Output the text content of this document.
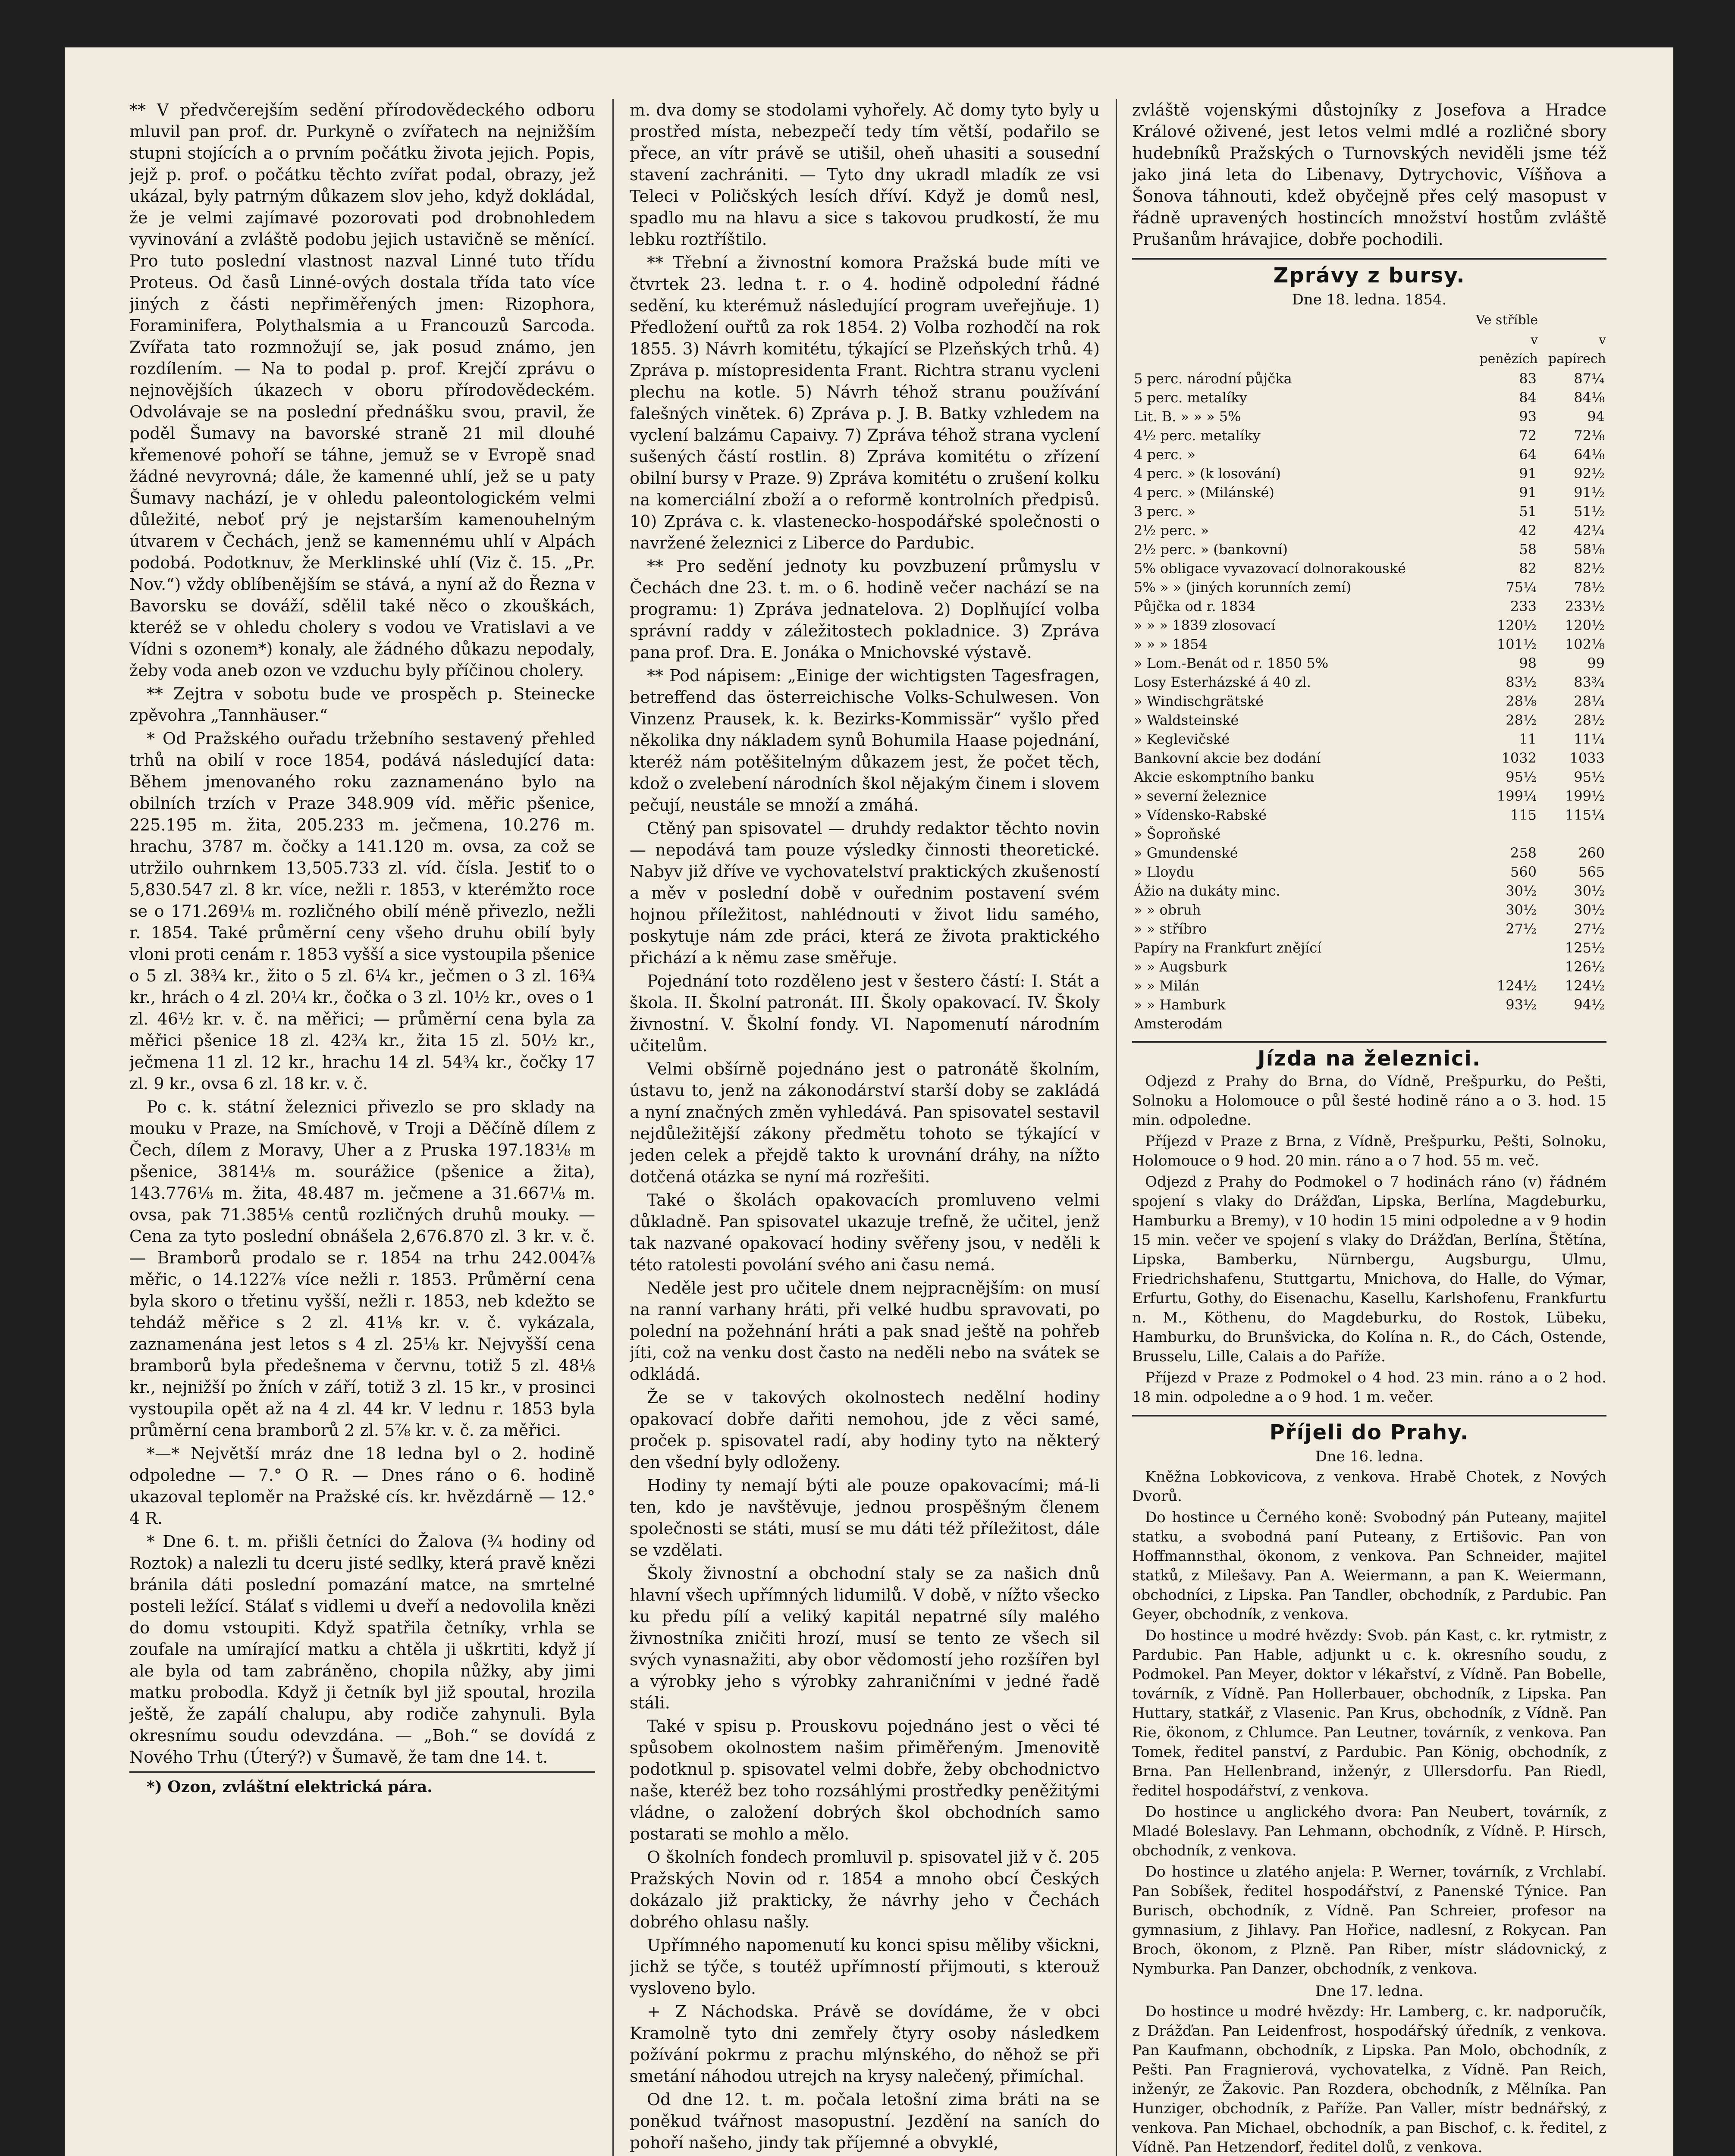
** V předvčerejším sedění přírodovědeckého odboru mluvil pan prof. dr. Purkyně o zvířatech na nejnižším stupni stojících a o prvním počátku života jejich. Popis, jejž p. prof. o počátku těchto zvířat podal, obrazy, jež ukázal, byly patrným důkazem slov jeho, když dokládal, že je velmi zajímavé pozorovati pod drobnohledem vyvinování a zvláště podobu jejich ustavičně se měnící. Pro tuto poslední vlastnost nazval Linné tuto třídu Proteus. Od časů Linné-ových dostala třída tato více jiných z části nepřiměřených jmen: Rizophora, Foraminifera, Polythalsmia a u Francouzů Sarcoda. Zvířata tato rozmnožují se, jak posud známo, jen rozdílením. — Na to podal p. prof. Krejčí zprávu o nejnovějších úkazech v oboru přírodovědeckém. Odvolávaje se na poslední přednášku svou, pravil, že poděl Šumavy na bavorské straně 21 mil dlouhé křemenové pohoří se táhne, jemuž se v Evropě snad žádné nevyrovná; dále, že kamenné uhlí, jež se u paty Šumavy nachází, je v ohledu paleontologickém velmi důležité, neboť prý je nejstarším kamenouhelným útvarem v Čechách, jenž se kamennému uhlí v Alpách podobá. Podotknuv, že Merklinské uhlí (Viz č. 15. „Pr. Nov.“) vždy oblíbenějším se stává, a nyní až do Řezna v Bavorsku se dováží, sdělil také něco o zkouškách, kteréž se v ohledu cholery s vodou ve Vratislavi a ve Vídni s ozonem*) konaly, ale žádného důkazu nepodaly, žeby voda aneb ozon ve vzduchu byly příčinou cholery.

** Zejtra v sobotu bude ve prospěch p. Steinecke zpěvohra „Tannhäuser.“

* Od Pražského ouřadu tržebního sestavený přehled trhů na obilí v roce 1854, podává následující data: Během jmenovaného roku zaznamenáno bylo na obilních trzích v Praze 348.909 víd. měřic pšenice, 225.195 m. žita, 205.233 m. ječmena, 10.276 m. hrachu, 3787 m. čočky a 141.120 m. ovsa, za což se utržilo ouhrnkem 13,505.733 zl. víd. čísla. Jestiť to o 5,830.547 zl. 8 kr. více, nežli r. 1853, v kterémžto roce se o 171.269⅛ m. rozličného obilí méně přivezlo, nežli r. 1854. Také průměrní ceny všeho druhu obilí byly vloni proti cenám r. 1853 vyšší a sice vystoupila pšenice o 5 zl. 38¾ kr., žito o 5 zl. 6¼ kr., ječmen o 3 zl. 16¾ kr., hrách o 4 zl. 20¼ kr., čočka o 3 zl. 10½ kr., oves o 1 zl. 46½ kr. v. č. na měřici; — průměrní cena byla za měřici pšenice 18 zl. 42¾ kr., žita 15 zl. 50½ kr., ječmena 11 zl. 12 kr., hrachu 14 zl. 54¾ kr., čočky 17 zl. 9 kr., ovsa 6 zl. 18 kr. v. č.

Po c. k. státní železnici přivezlo se pro sklady na mouku v Praze, na Smíchově, v Troji a Děčíně dílem z Čech, dílem z Moravy, Uher a z Pruska 197.183⅛ m pšenice, 3814⅛ m. sourážice (pšenice a žita), 143.776⅛ m. žita, 48.487 m. ječmene a 31.667⅛ m. ovsa, pak 71.385⅛ centů rozličných druhů mouky. — Cena za tyto poslední obnášela 2,676.870 zl. 3 kr. v. č. — Bramborů prodalo se r. 1854 na trhu 242.004⅞ měřic, o 14.122⅞ více nežli r. 1853. Průměrní cena byla skoro o třetinu vyšší, nežli r. 1853, neb kdežto se tehdáž měřice s 2 zl. 41⅛ kr. v. č. vykázala, zaznamenána jest letos s 4 zl. 25⅛ kr. Nejvyšší cena bramborů byla předešnema v červnu, totiž 5 zl. 48⅛ kr., nejnižší po žních v září, totiž 3 zl. 15 kr., v prosinci vystoupila opět až na 4 zl. 44 kr. V lednu r. 1853 byla průměrní cena bramborů 2 zl. 5⅞ kr. v. č. za měřici.

*—* Největší mráz dne 18 ledna byl o 2. hodině odpoledne — 7.° O R. — Dnes ráno o 6. hodině ukazoval teploměr na Pražské cís. kr. hvězdárně — 12.° 4 R.

* Dne 6. t. m. přišli četníci do Žalova (¾ hodiny od Roztok) a nalezli tu dceru jisté sedlky, která pravě knězi bránila dáti poslední pomazání matce, na smrtelné posteli ležící. Stálať s vidlemi u dveří a nedovolila knězi do domu vstoupiti. Když spatřila četníky, vrhla se zoufale na umírající matku a chtěla ji uškrtiti, když jí ale byla od tam zabráněno, chopila nůžky, aby jimi matku probodla. Když ji četník byl již spoutal, hrozila ještě, že zapálí chalupu, aby rodiče zahynuli. Byla okresnímu soudu odevzdána. — „Boh.“ se dovídá z Nového Trhu (Úterý?) v Šumavě, že tam dne 14. t.

*) Ozon, zvláštní elektrická pára.

m. dva domy se stodolami vyhořely. Ač domy tyto byly u prostřed místa, nebezpečí tedy tím větší, podařilo se přece, an vítr právě se utišil, oheň uhasiti a sousední stavení zachrániti. — Tyto dny ukradl mladík ze vsi Teleci v Poličských lesích dříví. Když je domů nesl, spadlo mu na hlavu a sice s takovou prudkostí, že mu lebku roztříštilo.

** Třební a živnostní komora Pražská bude míti ve čtvrtek 23. ledna t. r. o 4. hodině odpolední řádné sedění, ku kterémuž následující program uveřejňuje. 1) Předložení ouřtů za rok 1854. 2) Volba rozhodčí na rok 1855. 3) Návrh komitétu, týkající se Plzeňských trhů. 4) Zpráva p. místopresidenta Frant. Richtra stranu vycleni plechu na kotle. 5) Návrh téhož stranu používání falešných vinětek. 6) Zpráva p. J. B. Batky vzhledem na vyclení balzámu Capaivy. 7) Zpráva téhož strana vyclení sušených částí rostlin. 8) Zpráva komitétu o zřízení obilní bursy v Praze. 9) Zpráva komitétu o zrušení kolku na komerciální zboží a o reformě kontrolních předpisů. 10) Zpráva c. k. vlastenecko-hospodářské společnosti o navržené železnici z Liberce do Pardubic.

** Pro sedění jednoty ku povzbuzení průmyslu v Čechách dne 23. t. m. o 6. hodině večer nachází se na programu: 1) Zpráva jednatelova. 2) Doplňující volba správní raddy v záležitostech pokladnice. 3) Zpráva pana prof. Dra. E. Jonáka o Mnichovské výstavě.

** Pod nápisem: „Einige der wichtigsten Tagesfragen, betreffend das österreichische Volks-Schulwesen. Von Vinzenz Prausek, k. k. Bezirks-Kommissär“ vyšlo před několika dny nákladem synů Bohumila Haase pojednání, kteréž nám potěšitelným důkazem jest, že počet těch, kdož o zvelebení národních škol nějakým činem i slovem pečují, neustále se množí a zmáhá.

Ctěný pan spisovatel — druhdy redaktor těchto novin — nepodává tam pouze výsledky činnosti theoretické. Nabyv již dříve ve vychovatelství praktických zkušeností a měv v poslední době v ouřednim postavení svém hojnou příležitost, nahlédnouti v život lidu samého, poskytuje nám zde práci, která ze života praktického přichází a k němu zase směřuje.

Pojednání toto rozděleno jest v šestero částí: I. Stát a škola. II. Školní patronát. III. Školy opakovací. IV. Školy živnostní. V. Školní fondy. VI. Napomenutí národním učitelům.

Velmi obšírně pojednáno jest o patronátě školním, ústavu to, jenž na zákonodárství starší doby se zakládá a nyní značných změn vyhledává. Pan spisovatel sestavil nejdůležitější zákony předmětu tohoto se týkající v jeden celek a přejdě takto k urovnání dráhy, na nížto dotčená otázka se nyní má rozřešiti.

Také o školách opakovacích promluveno velmi důkladně. Pan spisovatel ukazuje trefně, že učitel, jenž tak nazvané opakovací hodiny svěřeny jsou, v neděli k této ratolesti povolání svého ani času nemá.

Neděle jest pro učitele dnem nejpracnějším: on musí na ranní varhany hráti, při velké hudbu spravovati, po polední na požehnání hráti a pak snad ještě na pohřeb jíti, což na venku dost často na neděli nebo na svátek se odkládá.

Že se v takových okolnostech nedělní hodiny opakovací dobře dařiti nemohou, jde z věci samé, proček p. spisovatel radí, aby hodiny tyto na některý den všední byly odloženy.

Hodiny ty nemají býti ale pouze opakovacími; má-li ten, kdo je navštěvuje, jednou prospěšným členem společnosti se státi, musí se mu dáti též příležitost, dále se vzdělati.

Školy živnostní a obchodní staly se za našich dnů hlavní všech upřímných lidumilů. V době, v nížto všecko ku předu pílí a veliký kapitál nepatrné síly malého živnostníka zničiti hrozí, musí se tento ze všech sil svých vynasnažiti, aby obor vědomostí jeho rozšířen byl a výrobky jeho s výrobky zahraničními v jedné řadě stáli.

Také v spisu p. Prouskovu pojednáno jest o věci té spůsobem okolnostem našim přiměřeným. Jmenovitě podotknul p. spisovatel velmi dobře, žeby obchodnictvo naše, kteréž bez toho rozsáhlými prostředky peněžitými vládne, o založení dobrých škol obchodních samo postarati se mohlo a mělo.

O školních fondech promluvil p. spisovatel již v č. 205 Pražských Novin od r. 1854 a mnoho obcí Českých dokázalo již prakticky, že návrhy jeho v Čechách dobrého ohlasu našly.

Upřímného napomenutí ku konci spisu měliby všickni, jichž se týče, s toutéž upřímností přijmouti, s kterouž vysloveno bylo.

+ Z Náchodska. Právě se dovídáme, že v obci Kramolně tyto dni zemřely čtyry osoby následkem požívání pokrmu z prachu mlýnského, do něhož se při smetání náhodou utrejch na krysy nalečený, přimíchal.

Od dne 12. t. m. počala letošní zima bráti na se poněkud tvářnost masopustní. Jezdění na saních do pohoří našeho, jindy tak příjemné a obvyklé,

zvláště vojenskými důstojníky z Josefova a Hradce Králové oživené, jest letos velmi mdlé a rozličné sbory hudebníků Pražských o Turnovských neviděli jsme též jako jiná leta do Libenavy, Dytrychovic, Víšňova a Šonova táhnouti, kdež obyčejně přes celý masopust v řádně upravených hostincích množství hostům zvláště Prušanům hrávajice, dobře pochodili.

Zprávy z bursy.
Dne 18. ledna. 1854.
	Ve stříble	
	v penězích	v papírech
5 perc. národní půjčka	83	87¼
5 perc. metalíky	84	84⅛
Lit. B. » » » 5%	93	94
4½ perc. metalíky	72	72⅛
4 perc. »	64	64⅛
4 perc. » (k losování)	91	92½
4 perc. » (Milánské)	91	91½
3 perc. »	51	51½
2½ perc. »	42	42¼
2½ perc. » (bankovní)	58	58⅛
5% obligace vyvazovací dolnorakouské	82	82½
5% » » (jiných korunních zemí)	75¼	78½
Půjčka od r. 1834	233	233½
» » » 1839 zlosovací	120½	120½
» » » 1854	101½	102⅛
» Lom.-Benát od r. 1850 5%	98	99
Losy Esterházské á 40 zl.	83½	83¾
» Windischgrätské	28⅛	28¼
» Waldsteinské	28½	28½
» Keglevičské	11	11¼
Bankovní akcie bez dodání	1032	1033
Akcie eskomptního banku	95½	95½
» severní železnice	199¼	199½
» Vídensko-Rabské	115	115¼
» Šoproňské		
» Gmundenské	258	260
» Lloydu	560	565
Ážio na dukáty minc.	30½	30½
» » obruh	30½	30½
» » stříbro	27½	27½
Papíry na Frankfurt znějící		125½
» » Augsburk		126½
» » Milán	124½	124½
» » Hamburk	93½	94½
Amsterodám		
Jízda na železnici.

Odjezd z Prahy do Brna, do Vídně, Prešpurku, do Pešti, Solnoku a Holomouce o půl šesté hodině ráno a o 3. hod. 15 min. odpoledne.

Příjezd v Praze z Brna, z Vídně, Prešpurku, Pešti, Solnoku, Holomouce o 9 hod. 20 min. ráno a o 7 hod. 55 m. več.

Odjezd z Prahy do Podmokel o 7 hodinách ráno (v) řádném spojení s vlaky do Drážďan, Lipska, Berlína, Magdeburku, Hamburku a Bremy), v 10 hodin 15 mini odpoledne a v 9 hodin 15 min. večer ve spojení s vlaky do Drážďan, Berlína, Štětína, Lipska, Bamberku, Nürnbergu, Augsburgu, Ulmu, Friedrichshafenu, Stuttgartu, Mnichova, do Halle, do Výmar, Erfurtu, Gothy, do Eisenachu, Kasellu, Karlshofenu, Frankfurtu n. M., Köthenu, do Magdeburku, do Rostok, Lübeku, Hamburku, do Brunšvicka, do Kolína n. R., do Cách, Ostende, Brusselu, Lille, Calais a do Paříže.

Příjezd v Praze z Podmokel o 4 hod. 23 min. ráno a o 2 hod. 18 min. odpoledne a o 9 hod. 1 m. večer.

Příjeli do Prahy.
Dne 16. ledna.

Kněžna Lobkovicova, z venkova. Hrabě Chotek, z Nových Dvorů.

Do hostince u Černého koně: Svobodný pán Puteany, majitel statku, a svobodná paní Puteany, z Ertišovic. Pan von Hoffmannsthal, ökonom, z venkova. Pan Schneider, majitel statků, z Milešavy. Pan A. Weiermann, a pan K. Weiermann, obchodníci, z Lipska. Pan Tandler, obchodník, z Pardubic. Pan Geyer, obchodník, z venkova.

Do hostince u modré hvězdy: Svob. pán Kast, c. kr. rytmistr, z Pardubic. Pan Hable, adjunkt u c. k. okresního soudu, z Podmokel. Pan Meyer, doktor v lékařství, z Vídně. Pan Bobelle, továrník, z Vídně. Pan Hollerbauer, obchodník, z Lipska. Pan Huttary, statkář, z Vlasenic. Pan Krus, obchodník, z Vídně. Pan Rie, ökonom, z Chlumce. Pan Leutner, továrník, z venkova. Pan Tomek, ředitel panství, z Pardubic. Pan König, obchodník, z Brna. Pan Hellenbrand, inženýr, z Ullersdorfu. Pan Riedl, ředitel hospodářství, z venkova.

Do hostince u anglického dvora: Pan Neubert, továrník, z Mladé Boleslavy. Pan Lehmann, obchodník, z Vídně. P. Hirsch, obchodník, z venkova.

Do hostince u zlatého anjela: P. Werner, továrník, z Vrchlabí. Pan Sobíšek, ředitel hospodářství, z Panenské Týnice. Pan Burisch, obchodník, z Vídně. Pan Schreier, profesor na gymnasium, z Jihlavy. Pan Hořice, nadlesní, z Rokycan. Pan Broch, ökonom, z Plzně. Pan Riber, místr sládovnický, z Nymburka. Pan Danzer, obchodník, z venkova.

Dne 17. ledna.

Do hostince u modré hvězdy: Hr. Lamberg, c. kr. nadporučík, z Drážďan. Pan Leidenfrost, hospodářský úředník, z venkova. Pan Kaufmann, obchodník, z Lipska. Pan Molo, obchodník, z Pešti. Pan Fragnierová, vychovatelka, z Vídně. Pan Reich, inženýr, ze Žakovic. Pan Rozdera, obchodník, z Mělníka. Pan Hunziger, obchodník, z Paříže. Pan Valler, místr bednářský, z venkova. Pan Michael, obchodník, a pan Bischof, c. k. ředitel, z Vídně. Pan Hetzendorf, ředitel dolů, z venkova.
